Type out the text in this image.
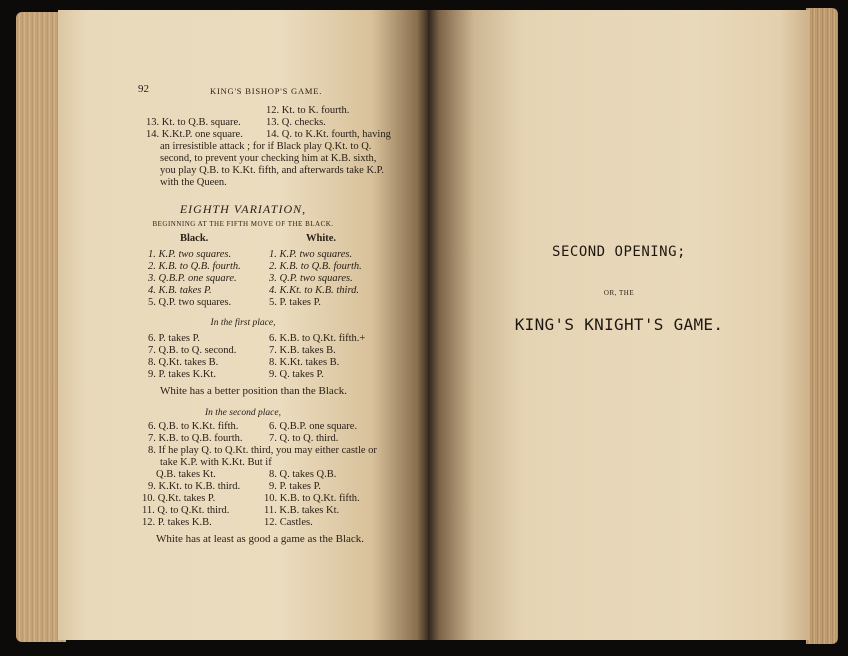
92	KING'S BISHOP'S GAME.
12. Kt. to K. fourth.
13. Kt. to Q.B. square. 13. Q. checks.
14. K.Kt.P. one square. 14. Q. to K.Kt. fourth, having
an irresistible attack ; for if Black play Q.Kt. to Q.
second, to prevent your checking him at K.B. sixth,
you play Q.B. to K.Kt. fifth, and afterwards take K.P.
with the Queen.
EIGHTH VARIATION,
BEGINNING AT THE FIFTH MOVE OF THE BLACK.
Black.	White.
1. K.P. two squares.	1. K.P. two squares.
2. K.B. to Q.B. fourth.	2. K.B. to Q.B. fourth.
3. Q.B.P. one square.	3. Q.P. two squares.
4. K.B. takes P.	4. K.Kt. to K.B. third.
5. Q.P. two squares.	5. P. takes P.
In the first place,
6. P. takes P.	6. K.B. to Q.Kt. fifth.+
7. Q.B. to Q. second.	7. K.B. takes B.
8. Q.Kt. takes B.	8. K.Kt. takes B.
9. P. takes K.Kt.	9. Q. takes P.
White has a better position than the Black.
In the second place,
6. Q.B. to K.Kt. fifth.	6. Q.B.P. one square.
7. K.B. to Q.B. fourth.	7. Q. to Q. third.
8. If he play Q. to Q.Kt. third, you may either castle or
take K.P. with K.Kt. But if
Q.B. takes Kt.	8. Q. takes Q.B.
9. K.Kt. to K.B. third.	9. P. takes P.
10. Q.Kt. takes P.	10. K.B. to Q.Kt. fifth.
11. Q. to Q.Kt. third.	11. K.B. takes Kt.
12. P. takes K.B.	12. Castles.
White has at least as good a game as the Black.
SECOND OPENING;
OR, THE
KING'S KNIGHT'S GAME.
